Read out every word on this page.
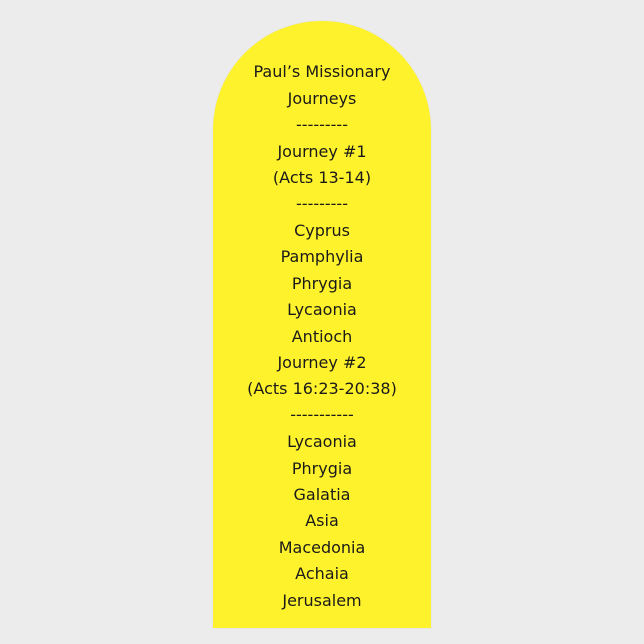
Paul’s Missionary
Journeys
---------
Journey #1
(Acts 13-14)
---------
Cyprus
Pamphylia
Phrygia
Lycaonia
Antioch
Journey #2
(Acts 16:23-20:38)
-----------
Lycaonia
Phrygia
Galatia
Asia
Macedonia
Achaia
Jerusalem
